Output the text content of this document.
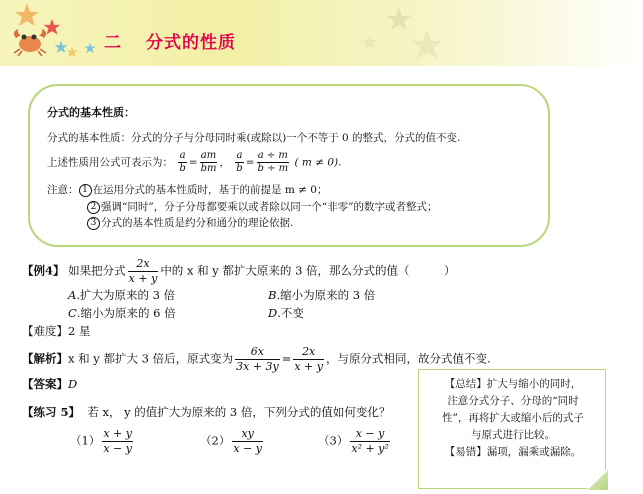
二 分式的性质
分式的基本性质：
分式的基本性质：分式的分子与分母同时乘(或除以)一个不等于 0 的整式，分式的值不变.
上述性质用公式可表示为： $\frac{a}{b} = \frac{am}{bm}$ ， $\frac{a}{b} = \frac{a \div m}{b \div m}$ ( m ≠ 0).
注意： 1 在运用分式的基本性质时，基于的前提是 m ≠ 0；
2 强调“同时”，分子分母都要乘以或者除以同一个“非零”的数字或者整式；
3 分式的基本性质是约分和通分的理论依据.
【例4】 如果把分式 $\frac{2x}{x + y}$ 中的 x 和 y 都扩大原来的 3 倍，那么分式的值（　　　）
A.扩大为原来的 3 倍	B.缩小为原来的 3 倍
C.缩小为原来的 6 倍	D.不变
【难度】2 星
【解析】x 和 y 都扩大 3 倍后，原式变为 $\frac{6x}{3x + 3y} = \frac{2x}{x + y}$ ，与原分式相同，故分式值不变.
【答案】D
【练习 5】 若 x， y 的值扩大为原来的 3 倍，下列分式的值如何变化？
$(1) \frac{x + y}{x - y}$	$(2) \frac{xy}{x - y}$	$(3) \frac{x - y}{\text{x² + y²}}$

【总结】扩大与缩小的同时，

注意分式分子、分母的“同时

性”，再将扩大或缩小后的式子

与原式进行比较。

【易错】漏项，漏乘或漏除。
